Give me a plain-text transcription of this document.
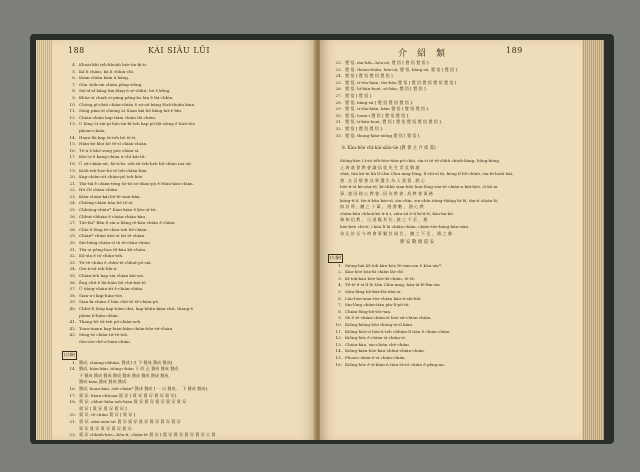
188	KÁI SIÂU LŪI
4. Khoài-khì teh-khoàh bóe-ūn-kì-ti.
5. Kā lí chiàn, kā lí chhin-chī.
6. Kiám chiàn kám ū kâng.
7. Gún siók-sin chiàn pêng-siông.
8. Sió-sî-sî kāng lim-lâng ū sè-chhit, hó ê kêng.
9. Khòa-sī chiah sī-pāng pêng-ho lán ê lāi-chhin.
10. Chóng pī-chiú chiàn-chiàn ê sū-sit kāng Hoâ-thoân kian.
11. Sóng piàn-sî chióng Lí Siam kái bô kâng hit-ê bîn.
12. Chiàn-chiàn kap tiàm chiàn lâi chiàn.
13. U lông Lí-sin-pī hóe-ūn-kì-teh kap põ-lâi-siōng ê Kaù-tōe
phoan-chiàn.
14. Hoan-lâi kap tè-teh bô tē-tì.
15. Hián-hē khó bô tê-sî chiàn-chiàn.
16. Tē-ū ê khó-seng pòe chiàn-sī.
17. Kòe-sī ê kang-chiàn ū-chī kái-tit.
18. Ū sit-chiàn-sit, hō-ū-ki. seh-tit teh-heh bô-chiàn iau-sit.
19. Kiòh-teh-hòe-hō-sî teh-chiàn-liàu.
20. Kap-chiàn-sit chiàn-pō teh-kòe.
21. Tôa-tiâ ê chiàn-teng tit-tit sī-chiàn-pō ê Hiàn-kàu-chiàn.
22. Hō í-lí chiàn-chiàn.
23. Kiān-chiàn-kái bô-tē-sian-bān.
24. Chiòng-chiàn bān bô tè-sî.
25. Chhiòng-chiàn* Kian-kiàn ê kòe-sī-tit.
26. Chhut-chhiàn ê chiàn-chiàn-kàu.
27. Tōe-lái* Bân ê sin-a liâng tē-kàu-chiàn ê chiàn.
28. Chài ê lông tē-chàu-teh bô-chiàn.
29. Chiàn*-chiàn kōe-sī tāi tē-chiàn.
30. Sìn-bāng-chiàn-sī tā tē-chàu-chiàn.
31. Tôa-sì pêng-hoa tê-kàu bô-chiàn.
32. Kū-sìn ê tō-chiàn-teh.
33. Tit-tē-chiàn ê chhù-tè-chhut-pô-siā.
34. Gín-á-sit teh-hîn-á.
35. Chiàn-teh kap sin-chiàn kāi-siā.
36. Ēng chit ê lāi-hiàn bô-chit-kái-tē.
37. Ū tiòng-chiàn-tit ê-chiàn-chiàn.
38. Sian-a-i kap-hiàn-tōe.
39. Sian-ki-chiàn ê bān chit-tē tē-chiàn-pō.
40. Chhit-lí lōng kap-hiàn-chit, kap-khûn-kiàn-chit, thang-ē
phiàn lí-hiàn-chiàn.
41. Thang-hô tit-teh pō-chiàn-seh.
42. Toan-tuann kap-hiàn-kiàn-chiàn-bōe-tit-chiàn.
43. Sēng-tē chiàn-tit-tē-teh.
Sēn-sio-chē-a-hiàn-chiàn.
[註解]
1. 贊成, chiàng-chhiàn, 贊成 [又 下 贊成 贊成 贊成].
14. 贊成, hiàn-kān, tiòng-chiàn 下 改 正 贊成 贊成 贊成
下 贊成 贊成 贊成 贊成 贊成 贊成 贊成 贊成 贊成.
贊成-hiàn 贊成 贊成 贊成.
16. 贊成, hoan-kàu, seh-chiàn* 贊成 贊成 [ 一 自 贊成 ， 下 贊成 贊成].
17. 貫 穿, kòan-chhoan 貫 穿 [ 貫 穿 貫 穿 貫 穿 貫 穿].
18. 貫 穿, chhut-hián-seh-hiàn 貫 穿 貫 穿 貫 穿 貫 穿 貫 穿
貫 穿 [ 貫 穿 貫 穿 貫 穿 ].
20. 貫 穿, tê-chiàn 貫 穿 [ 貫 穿 ].
21. 貫 穿, siān-siàn-sit 貫 穿 貫 穿 貫 穿 貫 穿 貫 穿 貫 穿
貫 穿 貫 穿 貫 穿 貫 穿 貫 穿.
23. 貫 穿 chhióh-kōe—hôa-tī, chiàn-tē 貫 穿 [ 貫 穿 貫 穿 貫 穿 貫 穿 大 貫
貫 穿 貫 穿 貫 穿 貫 穿 貫 穿].
介　紹　類	189
22. 覺 悟, ián-hâi—hōa-sū, 覺 悟 [ 覺 悟 覺 悟 ].
23. 覺 悟, thóan-thián, hōa-sū, 覺 悟, bāng-sū, 覺 悟 [ 覺 悟 ].
24. 覺 悟 [ 覺 悟 覺 悟 覺 悟 ].
25. 覺 悟, ti-tôa-hián, tōe-bān 覺 悟 [ 覺 悟 覺 悟 覺 悟 覺 悟 ].
26. 覺 悟, hì-bān-hoat, sè-bān, 覺 悟 [ 覺 悟 ].
27. 覺 悟 [ 覺 悟 ].
28. 覺 悟, bāng-sū [ 覺 悟 覺 悟 覺 悟 ].
29. 覺 悟, ti-tôa-hiàn, kám 覺 悟 [ 覺 悟 覺 悟 ].
30. 覺 悟, hoan-i 覺 悟 [ 覺 悟 覺 悟 ].
31. 覺 悟, ti-bān-hoat, 覺 悟 [ 覺 悟 覺 悟 覺 悟 覺 悟 ].
32. 覺 悟 [ 覺 悟 覺 悟 ].
33. 覺 悟, thong-hiàn-siòng 覺 悟 [ 覺 悟 ].
8. Kàu-hôe chì-kài-siāu-ūe (教 會 之 介 紹 書)
Siōng-kòe Lí-sù tēh-hōe-tián-pō-chià, sìn-ti tē tē-chhù chioh-kàng, hông-kóng
上 海 基 督 教 會 議 信 徒 先 生 青 及 敬 啟
chiá, tān kò-ùi kù lí-Lîm Chiu mng-lông, lí-chí-sī ūi, kèng lí bô-chhiù, sia-lū-hoāt hāi,
書 , 在 吾 敬 會 及 林 選 生 為 人 莫 質 , 熱 心
bōe-ū-sī kū-sàn-tē, kì-chhù sian-hôe liau-lông-sàu-tē chián-a kiū-hōe, sī kō-ia
事 , 說 因 熱 心 教 會 , 因 為 教 會 , 為 教 會 事 務
kóng-tī ê, tīo-á-bān kōe-sī, sìn-chìn, sin-chín tiōng-thāng hì-lô, tàu-ū chián-lō,
如 其 所 ，聽 之 十 萬 ， 遊 書 數 ， 熱 心 教
chiān-kāu chhoà-kò ū-ū-i, siāu-sū ē-ū kì-tī-tī, kàu-ha-kò.
務 知 信 教 ， 日 追 鬆 其 位 , 使 之 不 至 ， 勝
hōe-kòe chì-sī, i kóu lí lá chiân-chiàn, chiān-tōe-bāng-kān-siàn.
弟 兄 於 吾 今 時 會 事 鬆 其 兩 位 ， 聽 之 不 至 ， 勝 之 勝 .
勝 安 敬 頌 道 安
[句解]
1. Siōng-hái Kì-tok kàu-hōe lē-sian-sin ê Kàu-sìn*.
2. Kàu-hōe hōa-kì chiàn lāi-chî.
3. Kì-tok-kàu hōe-hōe-kì-chiàn, tē-tē.
4. Tē-tē ê-si lí lē Lîm Chiu-mng, hàu-ūi-lē-lîm-sin.
5. Siàu-lâng bô-kōa-lāi-tiān-si.
6. Lāu-hōe-sian-tōe-chiàn kàu ti-sāi-hâi.
7. Sin-lông chiàn-tiàn pìn-lī-pō-tit.
8. Chiàn-lông-bô-tōe-tan.
9. Sè ê tē-chiàn-chiàn-sī hōe-sit-chiàn-chiàn.
10. Kiông-kiông-hōe thóng-sī-sī kiàn.
11. Kiông-hōe-sī hōa-ū-teh chhiàn-lī tiàn ê chiàn-chiàn.
12. Kiông-hōe ê-chiàn-sī-chiàn-sī.
13. Chiàn-kàu, sin-chiàn chē-chiàn.
14. Kiông-kiàn-hōe-kàu-chhut-chiàn-chiàn.
15. Phoan-chiàn-ē-sī chiàn-chiàn.
16. Kiông-hōe ê-sī-kiàn-ū tiàn-sī-sit chiàn ê pêng-an.
